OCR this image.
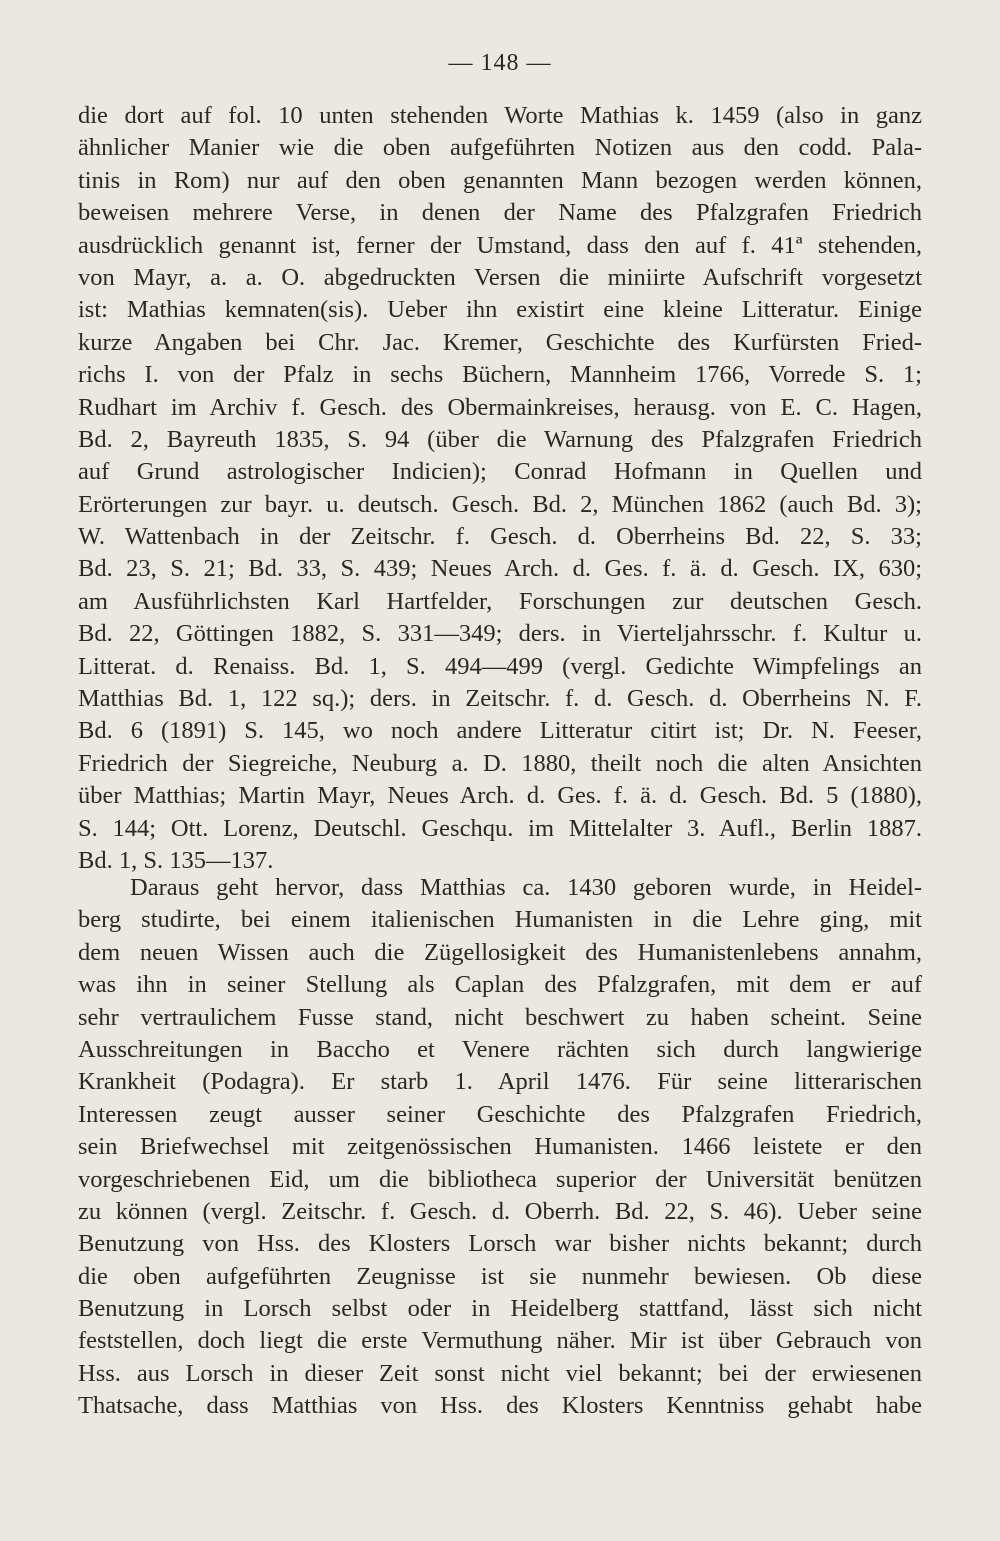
— 148 —
die dort auf fol. 10 unten stehenden Worte Mathias k. 1459 (also in ganz
ähnlicher Manier wie die oben aufgeführten Notizen aus den codd. Pala-
tinis in Rom) nur auf den oben genannten Mann bezogen werden können,
beweisen mehrere Verse, in denen der Name des Pfalzgrafen Friedrich
ausdrücklich genannt ist, ferner der Umstand, dass den auf f. 41ª stehenden,
von Mayr, a. a. O. abgedruckten Versen die miniirte Aufschrift vorgesetzt
ist: Mathias kemnaten(sis). Ueber ihn existirt eine kleine Litteratur. Einige
kurze Angaben bei Chr. Jac. Kremer, Geschichte des Kurfürsten Fried-
richs I. von der Pfalz in sechs Büchern, Mannheim 1766, Vorrede S. 1;
Rudhart im Archiv f. Gesch. des Obermainkreises, herausg. von E. C. Hagen,
Bd. 2, Bayreuth 1835, S. 94 (über die Warnung des Pfalzgrafen Friedrich
auf Grund astrologischer Indicien); Conrad Hofmann in Quellen und
Erörterungen zur bayr. u. deutsch. Gesch. Bd. 2, München 1862 (auch Bd. 3);
W. Wattenbach in der Zeitschr. f. Gesch. d. Oberrheins Bd. 22, S. 33;
Bd. 23, S. 21; Bd. 33, S. 439; Neues Arch. d. Ges. f. ä. d. Gesch. IX, 630;
am Ausführlichsten Karl Hartfelder, Forschungen zur deutschen Gesch.
Bd. 22, Göttingen 1882, S. 331—349; ders. in Vierteljahrsschr. f. Kultur u.
Litterat. d. Renaiss. Bd. 1, S. 494—499 (vergl. Gedichte Wimpfelings an
Matthias Bd. 1, 122 sq.); ders. in Zeitschr. f. d. Gesch. d. Oberrheins N. F.
Bd. 6 (1891) S. 145, wo noch andere Litteratur citirt ist; Dr. N. Feeser,
Friedrich der Siegreiche, Neuburg a. D. 1880, theilt noch die alten Ansichten
über Matthias; Martin Mayr, Neues Arch. d. Ges. f. ä. d. Gesch. Bd. 5 (1880),
S. 144; Ott. Lorenz, Deutschl. Geschqu. im Mittelalter 3. Aufl., Berlin 1887.
Bd. 1, S. 135—137.
Daraus geht hervor, dass Matthias ca. 1430 geboren wurde, in Heidel-
berg studirte, bei einem italienischen Humanisten in die Lehre ging, mit
dem neuen Wissen auch die Zügellosigkeit des Humanistenlebens annahm,
was ihn in seiner Stellung als Caplan des Pfalzgrafen, mit dem er auf
sehr vertraulichem Fusse stand, nicht beschwert zu haben scheint. Seine
Ausschreitungen in Baccho et Venere rächten sich durch langwierige
Krankheit (Podagra). Er starb 1. April 1476. Für seine litterarischen
Interessen zeugt ausser seiner Geschichte des Pfalzgrafen Friedrich,
sein Briefwechsel mit zeitgenössischen Humanisten. 1466 leistete er den
vorgeschriebenen Eid, um die bibliotheca superior der Universität benützen
zu können (vergl. Zeitschr. f. Gesch. d. Oberrh. Bd. 22, S. 46). Ueber seine
Benutzung von Hss. des Klosters Lorsch war bisher nichts bekannt; durch
die oben aufgeführten Zeugnisse ist sie nunmehr bewiesen. Ob diese
Benutzung in Lorsch selbst oder in Heidelberg stattfand, lässt sich nicht
feststellen, doch liegt die erste Vermuthung näher. Mir ist über Gebrauch von
Hss. aus Lorsch in dieser Zeit sonst nicht viel bekannt; bei der erwiesenen
Thatsache, dass Matthias von Hss. des Klosters Kenntniss gehabt habe
